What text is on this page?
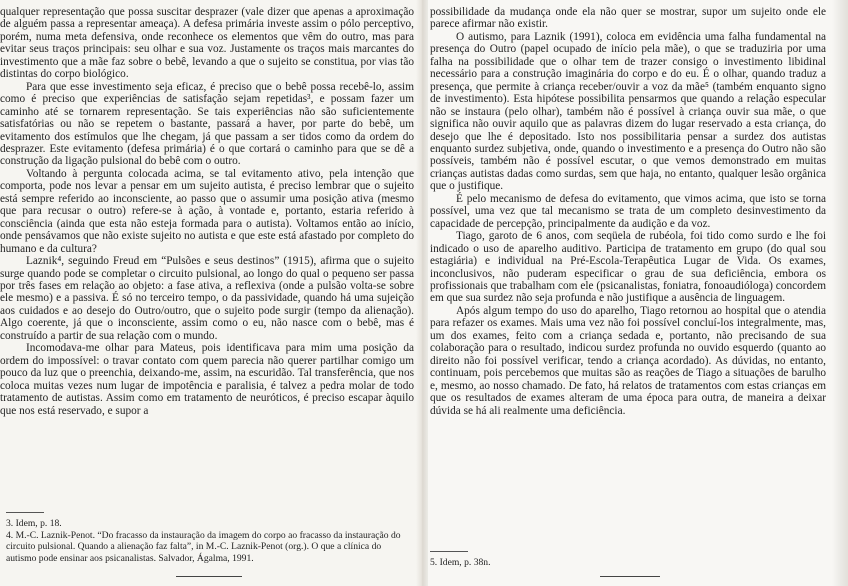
qualquer representação que possa suscitar desprazer (vale dizer que apenas a aproximação de alguém passa a representar ameaça). A defesa primária investe assim o pólo perceptivo, porém, numa meta defensiva, onde reconhece os elementos que vêm do outro, mas para evitar seus traços principais: seu olhar e sua voz. Justamente os traços mais marcantes do investimento que a mãe faz sobre o bebê, levando a que o sujeito se constitua, por vias tão distintas do corpo biológico.

Para que esse investimento seja eficaz, é preciso que o bebê possa recebê-lo, assim como é preciso que experiências de satisfação sejam repetidas³, e possam fazer um caminho até se tornarem representação. Se tais experiências não são suficientemente satisfatórias ou não se repetem o bastante, passará a haver, por parte do bebê, um evitamento dos estímulos que lhe chegam, já que passam a ser tidos como da ordem do desprazer. Este evitamento (defesa primária) é o que cortará o caminho para que se dê a construção da ligação pulsional do bebê com o outro.

Voltando à pergunta colocada acima, se tal evitamento ativo, pela intenção que comporta, pode nos levar a pensar em um sujeito autista, é preciso lembrar que o sujeito está sempre referido ao inconsciente, ao passo que o assumir uma posição ativa (mesmo que para recusar o outro) refere-se à ação, à vontade e, portanto, estaria referido à consciência (ainda que esta não esteja formada para o autista). Voltamos então ao início, onde pensávamos que não existe sujeito no autista e que este está afastado por completo do humano e da cultura?

Laznik⁴, seguindo Freud em “Pulsões e seus destinos” (1915), afirma que o sujeito surge quando pode se completar o circuito pulsional, ao longo do qual o pequeno ser passa por três fases em relação ao objeto: a fase ativa, a reflexiva (onde a pulsão volta-se sobre ele mesmo) e a passiva. É só no terceiro tempo, o da passividade, quando há uma sujeição aos cuidados e ao desejo do Outro/outro, que o sujeito pode surgir (tempo da alienação). Algo coerente, já que o inconsciente, assim como o eu, não nasce com o bebê, mas é construído a partir de sua relação com o mundo.

Incomodava-me olhar para Mateus, pois identificava para mim uma posição da ordem do impossível: o travar contato com quem parecia não querer partilhar comigo um pouco da luz que o preenchia, deixando-me, assim, na escuridão. Tal transferência, que nos coloca muitas vezes num lugar de impotência e paralisia, é talvez a pedra molar de todo tratamento de autistas. Assim como em tratamento de neuróticos, é preciso escapar àquilo que nos está reservado, e supor a

3. Idem, p. 18.

4. M.-C. Laznik-Penot. “Do fracasso da instauração da imagem do corpo ao fracasso da instauração do circuito pulsional. Quando a alienação faz falta”, in M.-C. Laznik-Penot (org.). O que a clínica do autismo pode ensinar aos psicanalistas. Salvador, Ágalma, 1991.

possibilidade da mudança onde ela não quer se mostrar, supor um sujeito onde ele parece afirmar não existir.

O autismo, para Laznik (1991), coloca em evidência uma falha fundamental na presença do Outro (papel ocupado de início pela mãe), o que se traduziria por uma falha na possibilidade que o olhar tem de trazer consigo o investimento libidinal necessário para a construção imaginária do corpo e do eu. É o olhar, quando traduz a presença, que permite à criança receber/ouvir a voz da mãe⁵ (também enquanto signo de investimento). Esta hipótese possibilita pensarmos que quando a relação especular não se instaura (pelo olhar), também não é possível à criança ouvir sua mãe, o que significa não ouvir aquilo que as palavras dizem do lugar reservado a esta criança, do desejo que lhe é depositado. Isto nos possibilitaria pensar a surdez dos autistas enquanto surdez subjetiva, onde, quando o investimento e a presença do Outro não são possíveis, também não é possível escutar, o que vemos demonstrado em muitas crianças autistas dadas como surdas, sem que haja, no entanto, qualquer lesão orgânica que o justifique.

É pelo mecanismo de defesa do evitamento, que vimos acima, que isto se torna possível, uma vez que tal mecanismo se trata de um completo desinvestimento da capacidade de percepção, principalmente da audição e da voz.

Tiago, garoto de 6 anos, com seqüela de rubéola, foi tido como surdo e lhe foi indicado o uso de aparelho auditivo. Participa de tratamento em grupo (do qual sou estagiária) e individual na Pré-Escola-Terapêutica Lugar de Vida. Os exames, inconclusivos, não puderam especificar o grau de sua deficiência, embora os profissionais que trabalham com ele (psicanalistas, foniatra, fonoaudióloga) concordem em que sua surdez não seja profunda e não justifique a ausência de linguagem.

Após algum tempo do uso do aparelho, Tiago retornou ao hospital que o atendia para refazer os exames. Mais uma vez não foi possível concluí-los integralmente, mas, um dos exames, feito com a criança sedada e, portanto, não precisando de sua colaboração para o resultado, indicou surdez profunda no ouvido esquerdo (quanto ao direito não foi possível verificar, tendo a criança acordado). As dúvidas, no entanto, continuam, pois percebemos que muitas são as reações de Tiago a situações de barulho e, mesmo, ao nosso chamado. De fato, há relatos de tratamentos com estas crianças em que os resultados de exames alteram de uma época para outra, de maneira a deixar dúvida se há ali realmente uma deficiência.

5. Idem, p. 38n.
